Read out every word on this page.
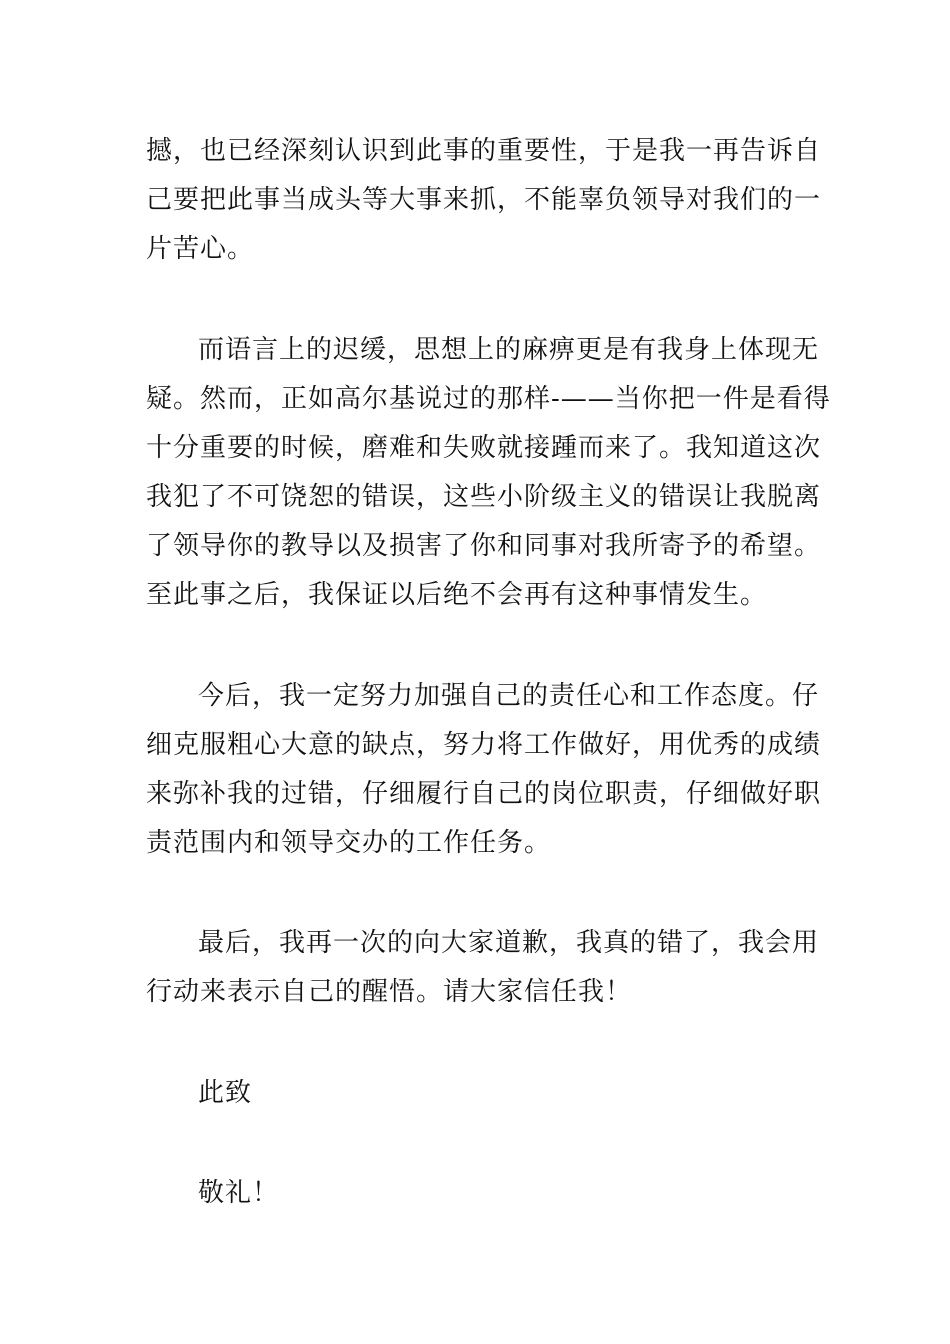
撼，也已经深刻认识到此事的重要性，于是我一再告诉自
己要把此事当成头等大事来抓，不能辜负领导对我们的一
片苦心。

而语言上的迟缓，思想上的麻痹更是有我身上体现无
疑。然而，正如高尔基说过的那样-——当你把一件是看得
十分重要的时候，磨难和失败就接踵而来了。我知道这次
我犯了不可饶恕的错误，这些小阶级主义的错误让我脱离
了领导你的教导以及损害了你和同事对我所寄予的希望。
至此事之后，我保证以后绝不会再有这种事情发生。

今后，我一定努力加强自己的责任心和工作态度。仔
细克服粗心大意的缺点，努力将工作做好，用优秀的成绩
来弥补我的过错，仔细履行自己的岗位职责，仔细做好职
责范围内和领导交办的工作任务。

最后，我再一次的向大家道歉，我真的错了，我会用
行动来表示自己的醒悟。请大家信任我！

此致

敬礼！
